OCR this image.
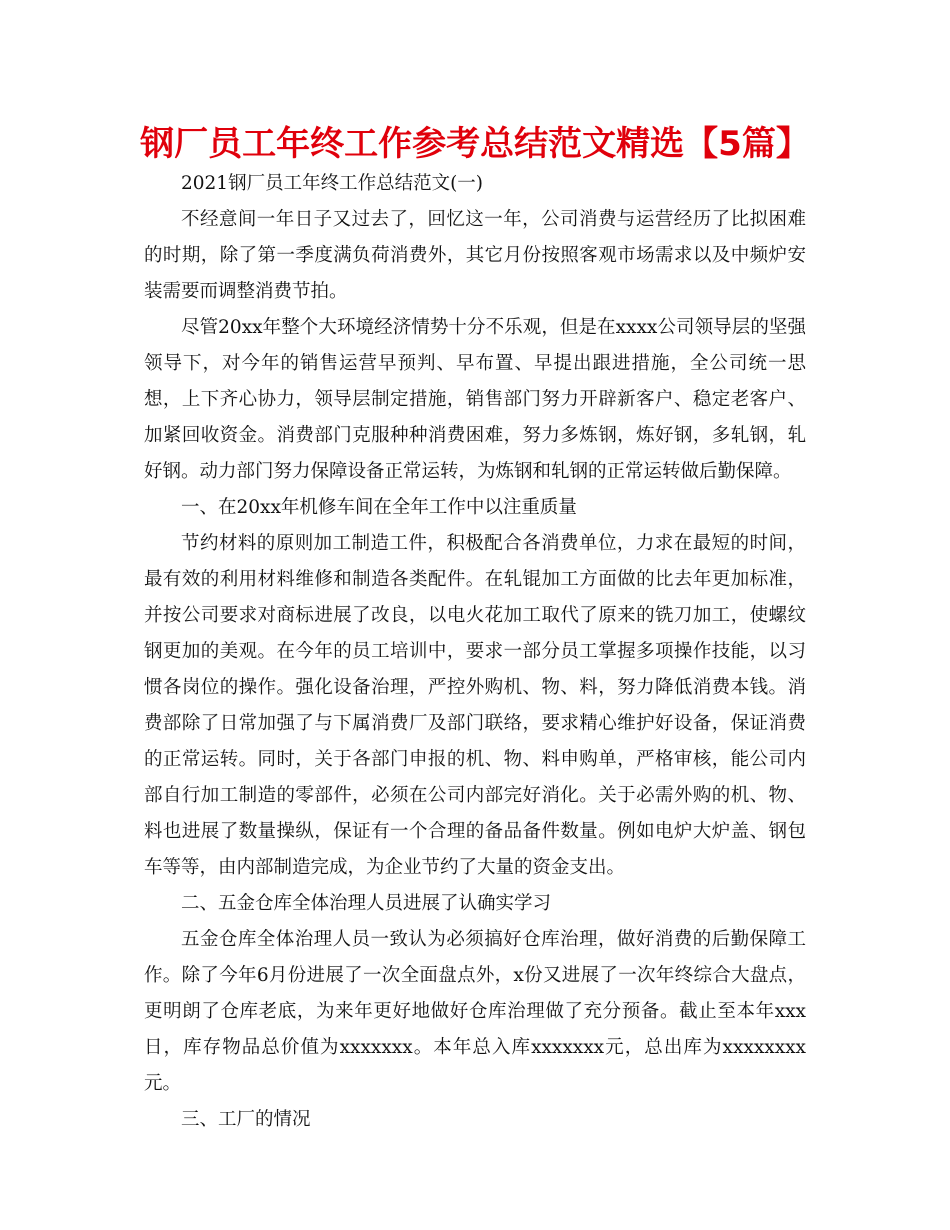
钢厂员工年终工作参考总结范文精选【5篇】

2021钢厂员工年终工作总结范文(一)

不经意间一年日子又过去了，回忆这一年，公司消费与运营经历了比拟困难的时期，除了第一季度满负荷消费外，其它月份按照客观市场需求以及中频炉安装需要而调整消费节拍。

尽管20xx年整个大环境经济情势十分不乐观，但是在xxxx公司领导层的坚强领导下，对今年的销售运营早预判、早布置、早提出跟进措施，全公司统一思想，上下齐心协力，领导层制定措施，销售部门努力开辟新客户、稳定老客户、加紧回收资金。消费部门克服种种消费困难，努力多炼钢，炼好钢，多轧钢，轧好钢。动力部门努力保障设备正常运转，为炼钢和轧钢的正常运转做后勤保障。

一、在20xx年机修车间在全年工作中以注重质量

节约材料的原则加工制造工件，积极配合各消费单位，力求在最短的时间，最有效的利用材料维修和制造各类配件。在轧锟加工方面做的比去年更加标准，并按公司要求对商标进展了改良，以电火花加工取代了原来的铣刀加工，使螺纹钢更加的美观。在今年的员工培训中，要求一部分员工掌握多项操作技能，以习惯各岗位的操作。强化设备治理，严控外购机、物、料，努力降低消费本钱。消费部除了日常加强了与下属消费厂及部门联络，要求精心维护好设备，保证消费的正常运转。同时，关于各部门申报的机、物、料申购单，严格审核，能公司内部自行加工制造的零部件，必须在公司内部完好消化。关于必需外购的机、物、料也进展了数量操纵，保证有一个合理的备品备件数量。例如电炉大炉盖、钢包车等等，由内部制造完成，为企业节约了大量的资金支出。

二、五金仓库全体治理人员进展了认确实学习

五金仓库全体治理人员一致认为必须搞好仓库治理，做好消费的后勤保障工作。除了今年6月份进展了一次全面盘点外，x份又进展了一次年终综合大盘点，更明朗了仓库老底，为来年更好地做好仓库治理做了充分预备。截止至本年xxx日，库存物品总价值为xxxxxxx。本年总入库xxxxxxx元，总出库为xxxxxxxx元。

三、工厂的情况
